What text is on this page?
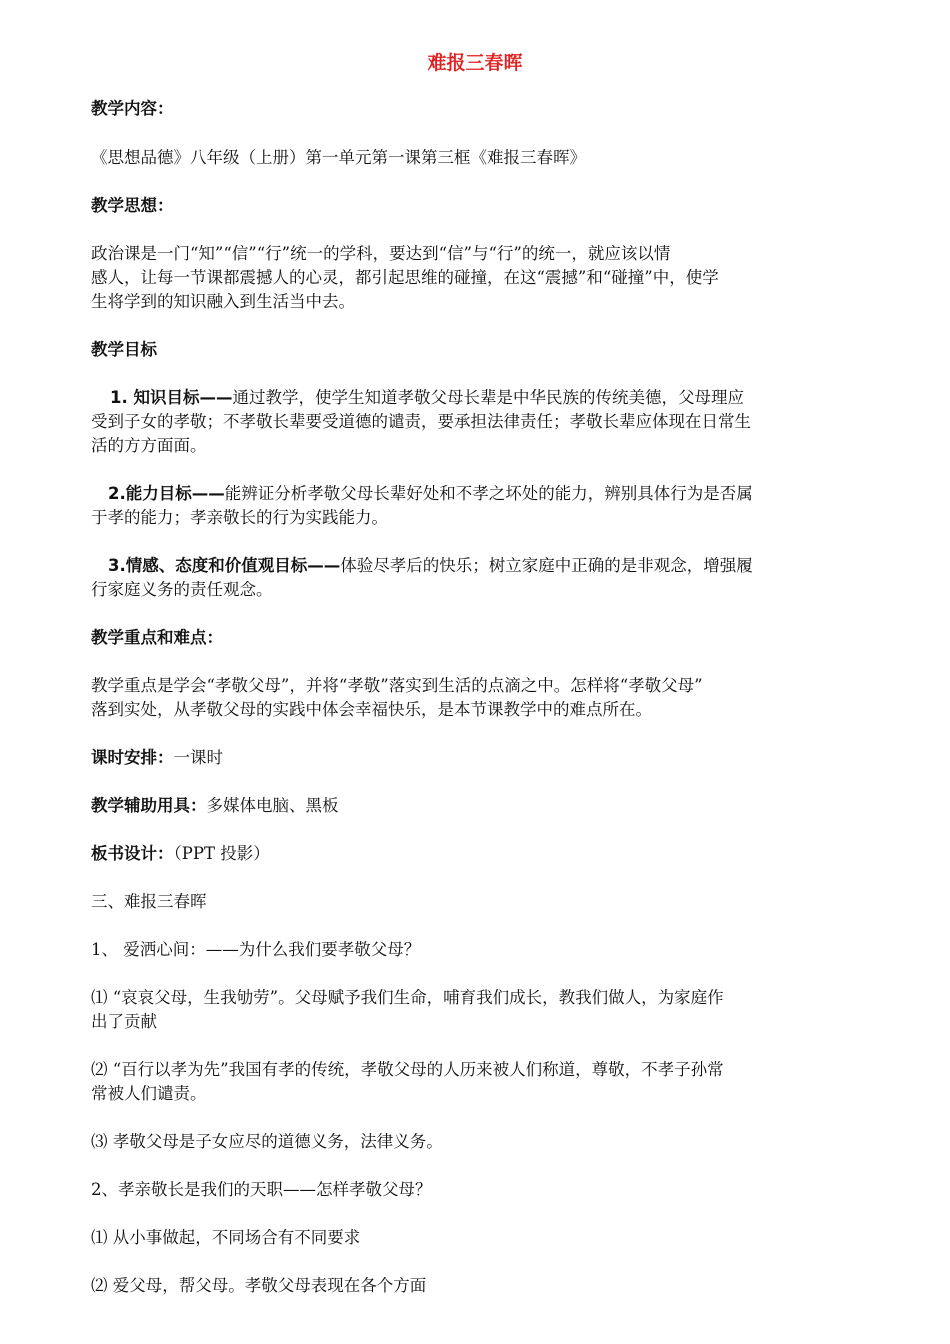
难报三春晖
教学内容：
《思想品德》八年级（上册）第一单元第一课第三框《难报三春晖》
教学思想：
政治课是一门“知”“信”“行”统一的学科，要达到“信”与“行”的统一，就应该以情
感人，让每一节课都震撼人的心灵，都引起思维的碰撞，在这“震撼”和“碰撞”中，使学
生将学到的知识融入到生活当中去。
教学目标
1. 知识目标——通过教学，使学生知道孝敬父母长辈是中华民族的传统美德，父母理应
受到子女的孝敬；不孝敬长辈要受道德的谴责，要承担法律责任；孝敬长辈应体现在日常生
活的方方面面。
2.能力目标——能辨证分析孝敬父母长辈好处和不孝之坏处的能力，辨别具体行为是否属
于孝的能力；孝亲敬长的行为实践能力。
3.情感、态度和价值观目标——体验尽孝后的快乐；树立家庭中正确的是非观念，增强履
行家庭义务的责任观念。
教学重点和难点：
教学重点是学会“孝敬父母”，并将“孝敬”落实到生活的点滴之中。怎样将“孝敬父母”
落到实处，从孝敬父母的实践中体会幸福快乐，是本节课教学中的难点所在。
课时安排：一课时
教学辅助用具：多媒体电脑、黑板
板书设计：（PPT 投影）
三、难报三春晖
1、 爱洒心间：——为什么我们要孝敬父母？
⑴ “哀哀父母，生我劬劳”。父母赋予我们生命，哺育我们成长，教我们做人，为家庭作
出了贡献
⑵ “百行以孝为先”我国有孝的传统，孝敬父母的人历来被人们称道，尊敬，不孝子孙常
常被人们谴责。
⑶ 孝敬父母是子女应尽的道德义务，法律义务。
2、孝亲敬长是我们的天职——怎样孝敬父母？
⑴ 从小事做起，不同场合有不同要求
⑵ 爱父母，帮父母。孝敬父母表现在各个方面
